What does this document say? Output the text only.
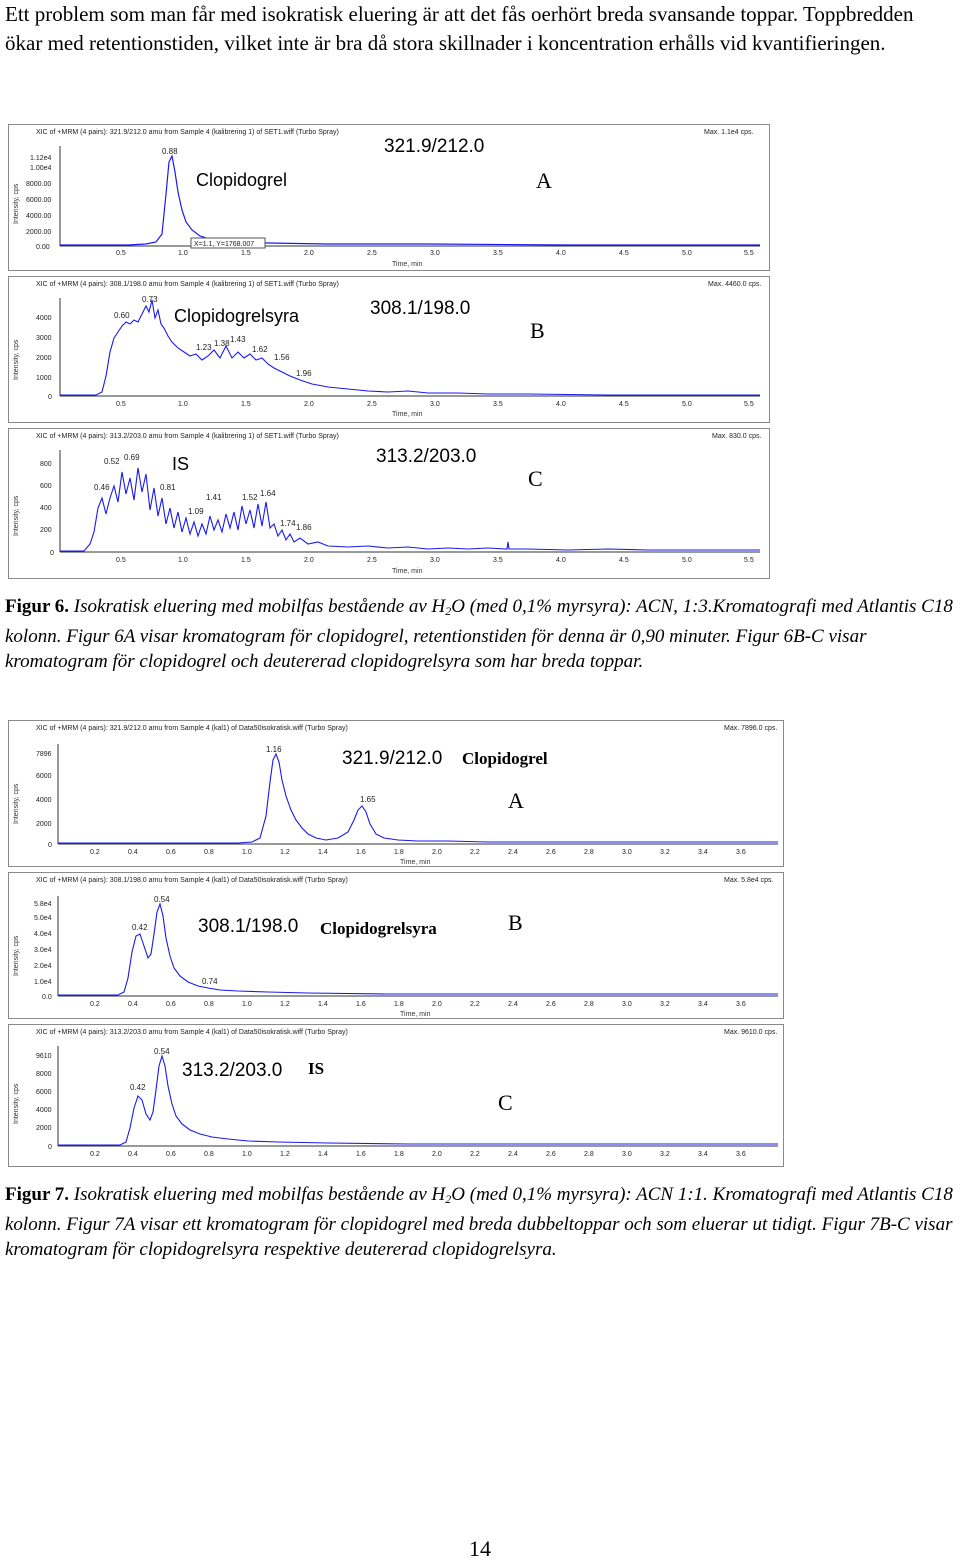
Ett problem som man får med isokratisk eluering är att det fås oerhört breda svansande toppar. Toppbredden ökar med retentionstiden, vilket inte är bra då stora skillnader i koncentration erhålls vid kvantifieringen.
XIC of +MRM (4 pairs): 321.9/212.0 amu from Sample 4 (kalibrering 1) of SET1.wiff (Turbo Spray)	Max. 1.1e4 cps.
Intensity, cps
1.12e4
1.00e4
8000.00
6000.00
4000.00
2000.00
0.00
0.5	1.0	1.5	2.0	2.5	3.0	3.5	4.0	4.5	5.0	5.5
Time, min
0.88
X=1.1, Y=1768.007
Clopidogrel
321.9/212.0
A
XIC of +MRM (4 pairs): 308.1/198.0 amu from Sample 4 (kalibrering 1) of SET1.wiff (Turbo Spray)	Max. 4460.0 cps.
Intensity, cps
4000
3000
2000
1000
0
0.5	1.0	1.5	2.0	2.5	3.0	3.5	4.0	4.5	5.0	5.5
Time, min
0.60
0.73
1.23 1.38 1.43
1.62
1.56
1.96
Clopidogrelsyra	308.1/198.0
B
XIC of +MRM (4 pairs): 313.2/203.0 amu from Sample 4 (kalibrering 1) of SET1.wiff (Turbo Spray)	Max. 830.0 cps.
Intensity, cps
800
600
400
200
0
0.5	1.0	1.5	2.0	2.5	3.0	3.5	4.0	4.5	5.0	5.5
Time, min
0.52 0.69
0.46	0.81
1.09
1.41	1.52 1.64
1.74 1.86
IS	313.2/203.0
C
Figur 6. Isokratisk eluering med mobilfas bestående av $H_2O$ (med 0,1% myrsyra): ACN, 1:3.Kromatografi med Atlantis C18 kolonn. Figur 6A visar kromatogram för clopidogrel, retentionstiden för denna är 0,90 minuter. Figur 6B-C visar kromatogram för clopidogrel och deutererad clopidogrelsyra som har breda toppar.
XIC of +MRM (4 pairs): 321.9/212.0 amu from Sample 4 (kal1) of Data50isokratisk.wiff (Turbo Spray)	Max. 7896.0 cps.
Intensity, cps
7896
6000
4000
2000
0
0.2	0.4	0.6	0.8	1.0	1.2	1.4	1.6	1.8	2.0	2.2	2.4	2.6	2.8	3.0	3.2	3.4	3.6
Time, min
1.16
1.65
321.9/212.0 Clopidogrel
A
XIC of +MRM (4 pairs): 308.1/198.0 amu from Sample 4 (kal1) of Data50isokratisk.wiff (Turbo Spray)	Max. 5.8e4 cps.
Intensity, cps
5.8e4
5.0e4
4.0e4
3.0e4
2.0e4
1.0e4
0.0
0.2	0.4	0.6	0.8	1.0	1.2	1.4	1.6	1.8	2.0	2.2	2.4	2.6	2.8	3.0	3.2	3.4	3.6
Time, min
0.42
0.54
0.74
308.1/198.0 Clopidogrelsyra	B
XIC of +MRM (4 pairs): 313.2/203.0 amu from Sample 4 (kal1) of Data50isokratisk.wiff (Turbo Spray)	Max. 9610.0 cps.
Intensity, cps
9610
8000
6000
4000
2000
0
0.2	0.4	0.6	0.8	1.0	1.2	1.4	1.6	1.8	2.0	2.2	2.4	2.6	2.8	3.0	3.2	3.4	3.6
0.42
0.54
313.2/203.0 IS
C
Figur 7. Isokratisk eluering med mobilfas bestående av $H_2O$ (med 0,1% myrsyra): ACN 1:1. Kromatografi med Atlantis C18 kolonn. Figur 7A visar ett kromatogram för clopidogrel med breda dubbeltoppar och som eluerar ut tidigt. Figur 7B-C visar kromatogram för clopidogrelsyra respektive deutererad clopidogrelsyra.
14
